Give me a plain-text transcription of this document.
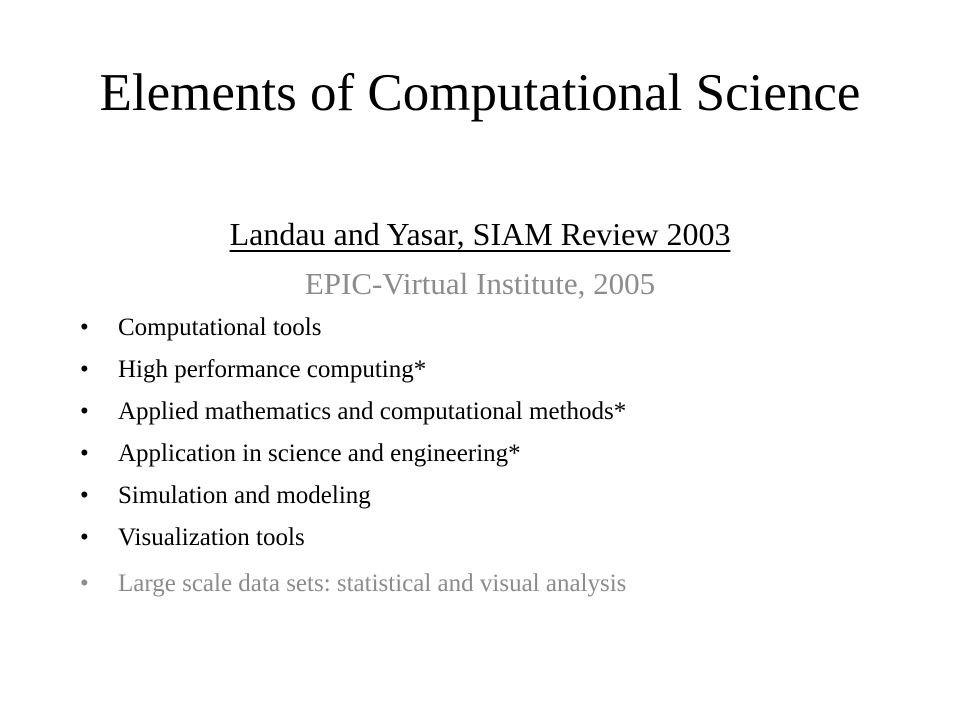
Elements of Computational Science
Landau and Yasar, SIAM Review 2003
EPIC-Virtual Institute, 2005
•	Computational tools
•	High performance computing*
•	Applied mathematics and computational methods*
•	Application in science and engineering*
•	Simulation and modeling
•	Visualization tools
•	Large scale data sets: statistical and visual analysis
